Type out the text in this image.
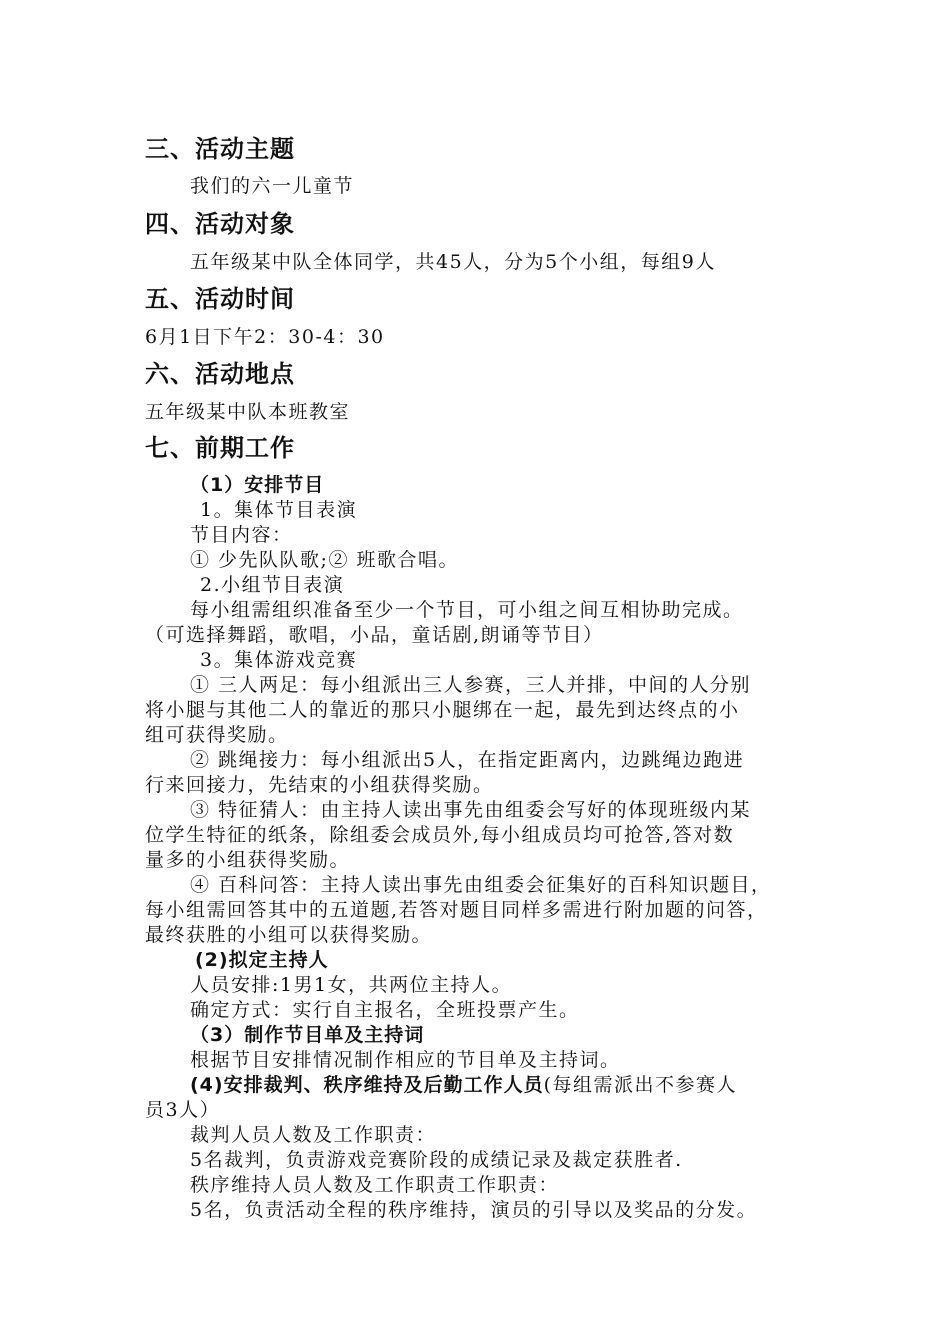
三、活动主题
我们的六一儿童节
四、活动对象
五年级某中队全体同学，共45人，分为5个小组，每组9人
五、活动时间
6月1日下午2：30-4：30
六、活动地点
五年级某中队本班教室
七、前期工作
（1）安排节目
1。集体节目表演
节目内容：
① 少先队队歌;② 班歌合唱。
2.小组节目表演
每小组需组织准备至少一个节目，可小组之间互相协助完成。
（可选择舞蹈，歌唱，小品，童话剧,朗诵等节目）
3。集体游戏竞赛
① 三人两足：每小组派出三人参赛，三人并排，中间的人分别
将小腿与其他二人的靠近的那只小腿绑在一起，最先到达终点的小
组可获得奖励。
② 跳绳接力：每小组派出5人，在指定距离内，边跳绳边跑进
行来回接力，先结束的小组获得奖励。
③ 特征猜人：由主持人读出事先由组委会写好的体现班级内某
位学生特征的纸条，除组委会成员外,每小组成员均可抢答,答对数
量多的小组获得奖励。
④ 百科问答：主持人读出事先由组委会征集好的百科知识题目，
每小组需回答其中的五道题,若答对题目同样多需进行附加题的问答，
最终获胜的小组可以获得奖励。
(2)拟定主持人
人员安排:1男1女，共两位主持人。
确定方式：实行自主报名，全班投票产生。
（3）制作节目单及主持词
根据节目安排情况制作相应的节目单及主持词。
(4)安排裁判、秩序维持及后勤工作人员(每组需派出不参赛人
员3人）
裁判人员人数及工作职责：
5名裁判，负责游戏竞赛阶段的成绩记录及裁定获胜者.
秩序维持人员人数及工作职责工作职责：
5名，负责活动全程的秩序维持，演员的引导以及奖品的分发。
